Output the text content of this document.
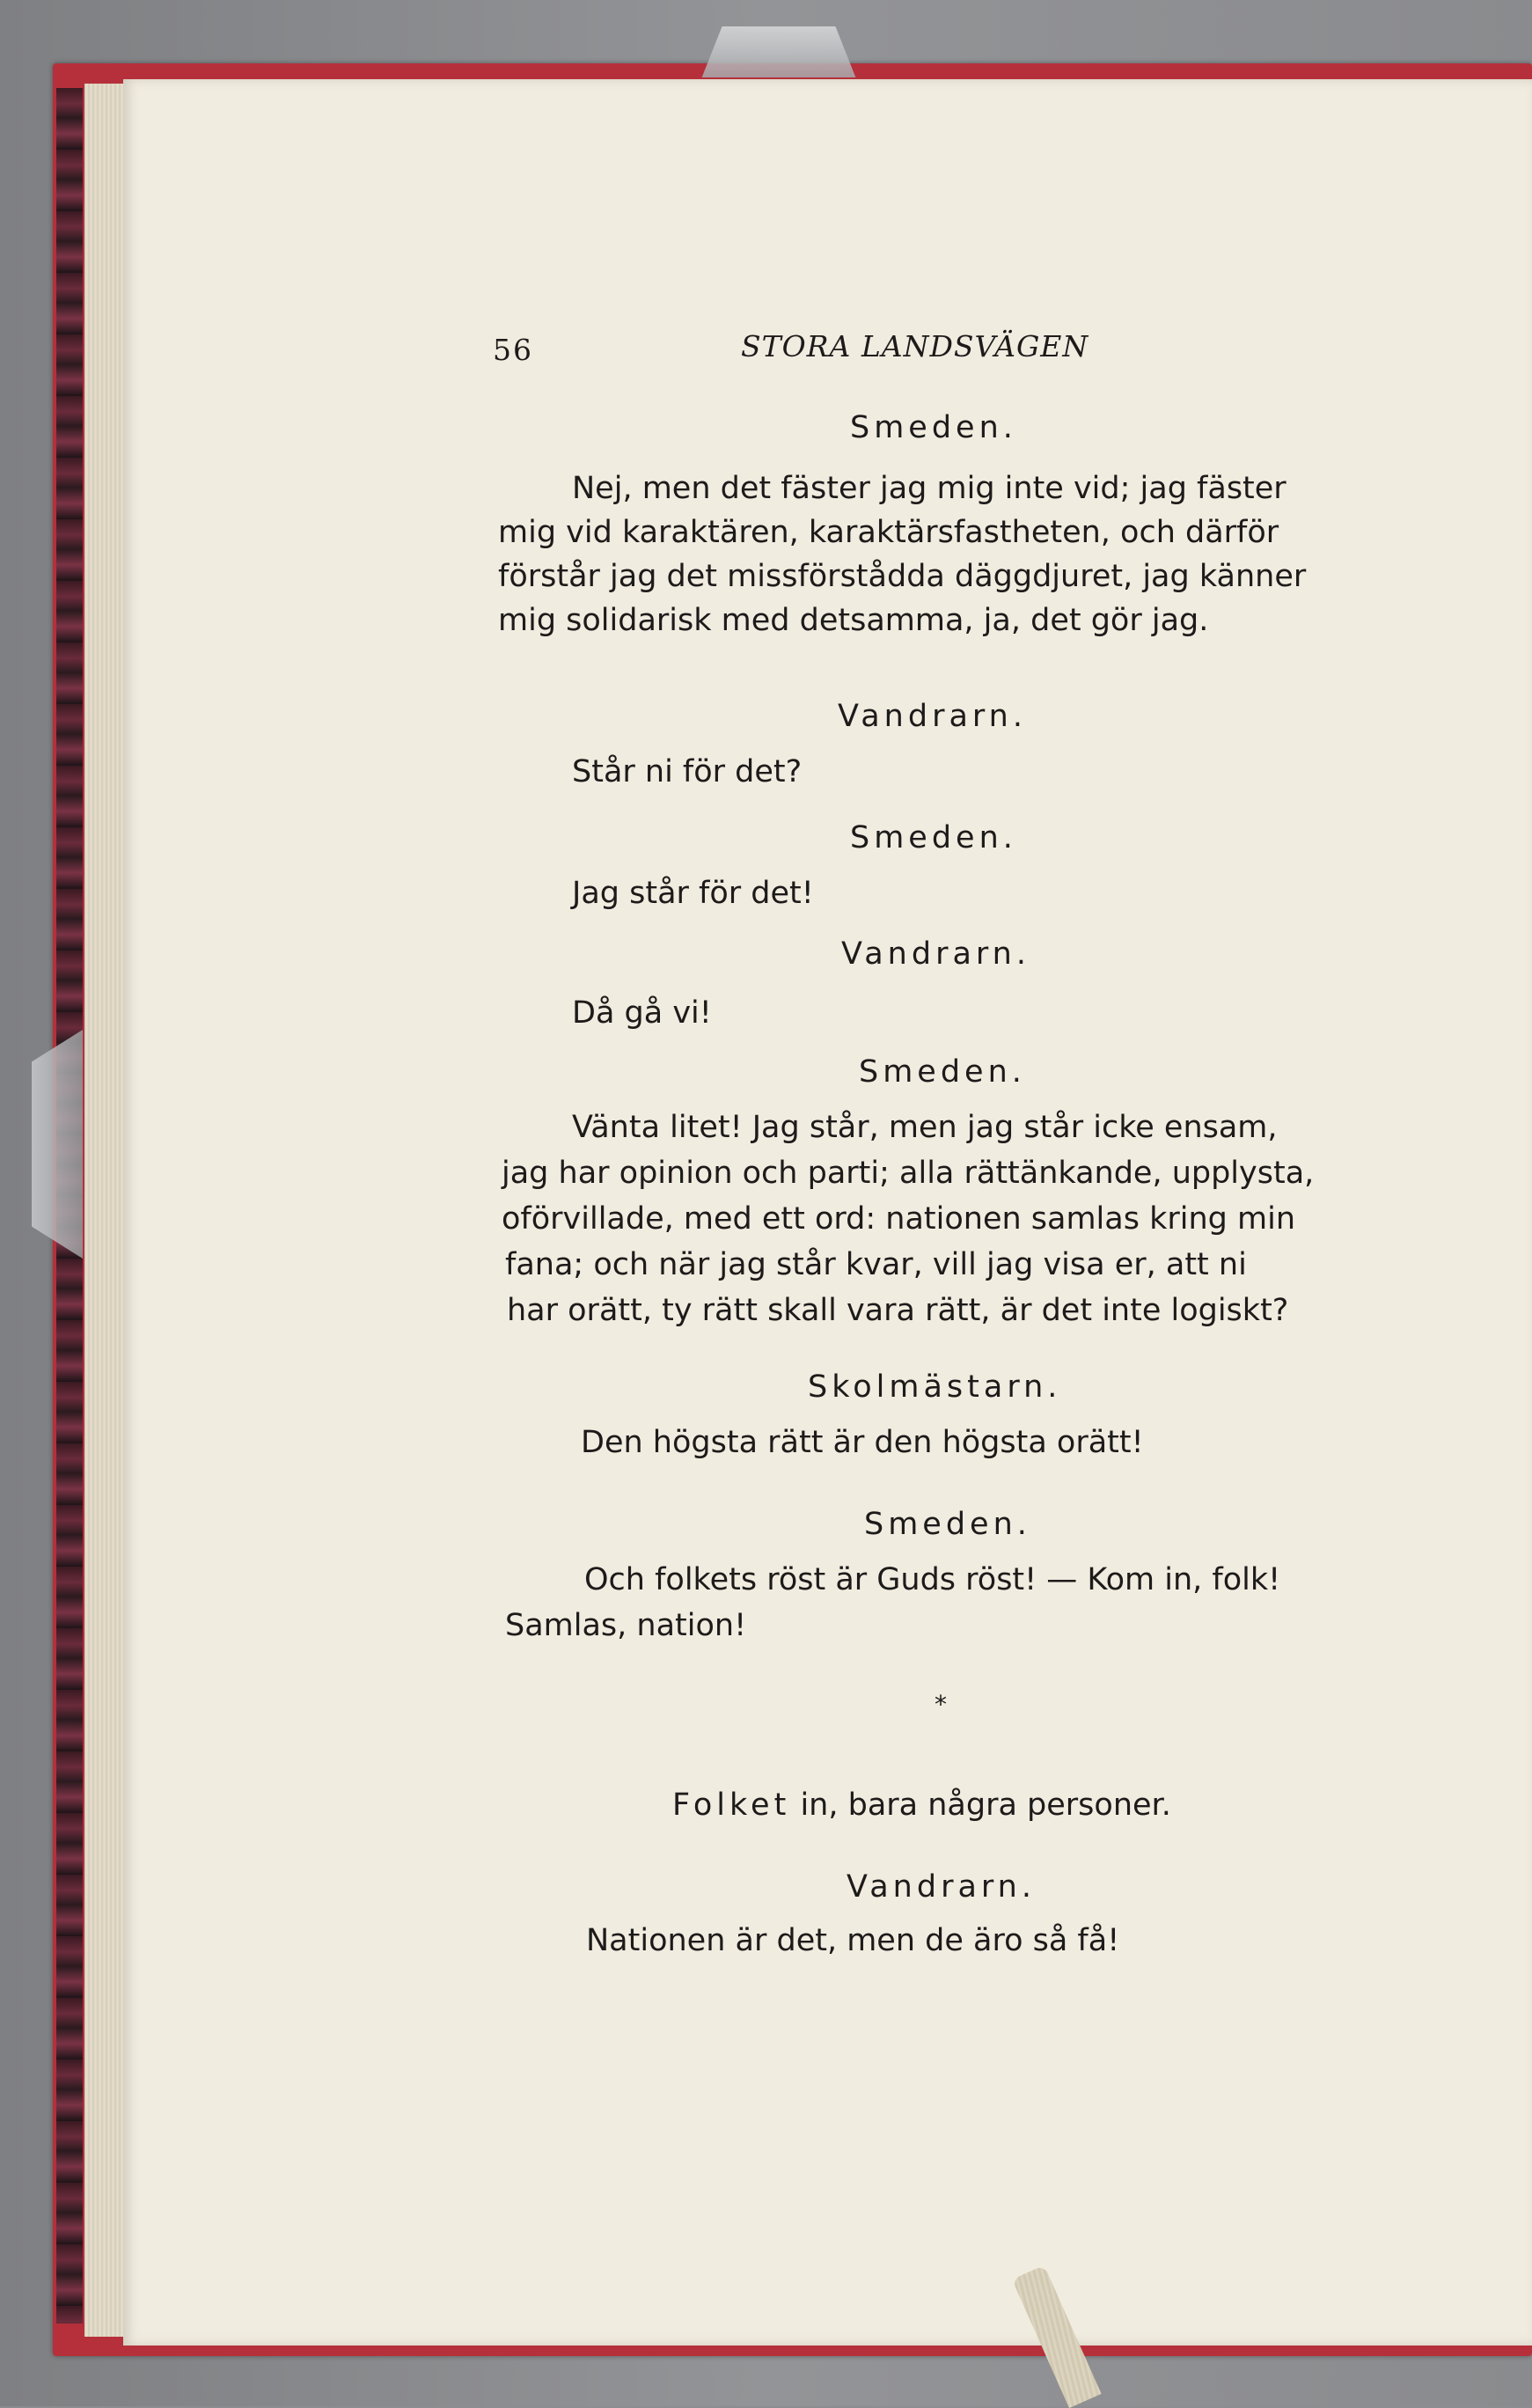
56	STORA LANDSVÄGEN

Smeden.

Nej, men det fäster jag mig inte vid; jag fäster

mig vid karaktären, karaktärsfastheten, och därför

förstår jag det missförstådda däggdjuret, jag känner

mig solidarisk med detsamma, ja, det gör jag.

Vandrarn.

Står ni för det?

Smeden.

Jag står för det!

Vandrarn.

Då gå vi!

Smeden.

Vänta litet! Jag står, men jag står icke ensam,

jag har opinion och parti; alla rättänkande, upplysta,

oförvillade, med ett ord: nationen samlas kring min

fana; och när jag står kvar, vill jag visa er, att ni

har orätt, ty rätt skall vara rätt, är det inte logiskt?

Skolmästarn.

Den högsta rätt är den högsta orätt!

Smeden.

Och folkets röst är Guds röst! — Kom in, folk!

Samlas, nation!

*

Folket in, bara några personer.

Vandrarn.

Nationen är det, men de äro så få!
